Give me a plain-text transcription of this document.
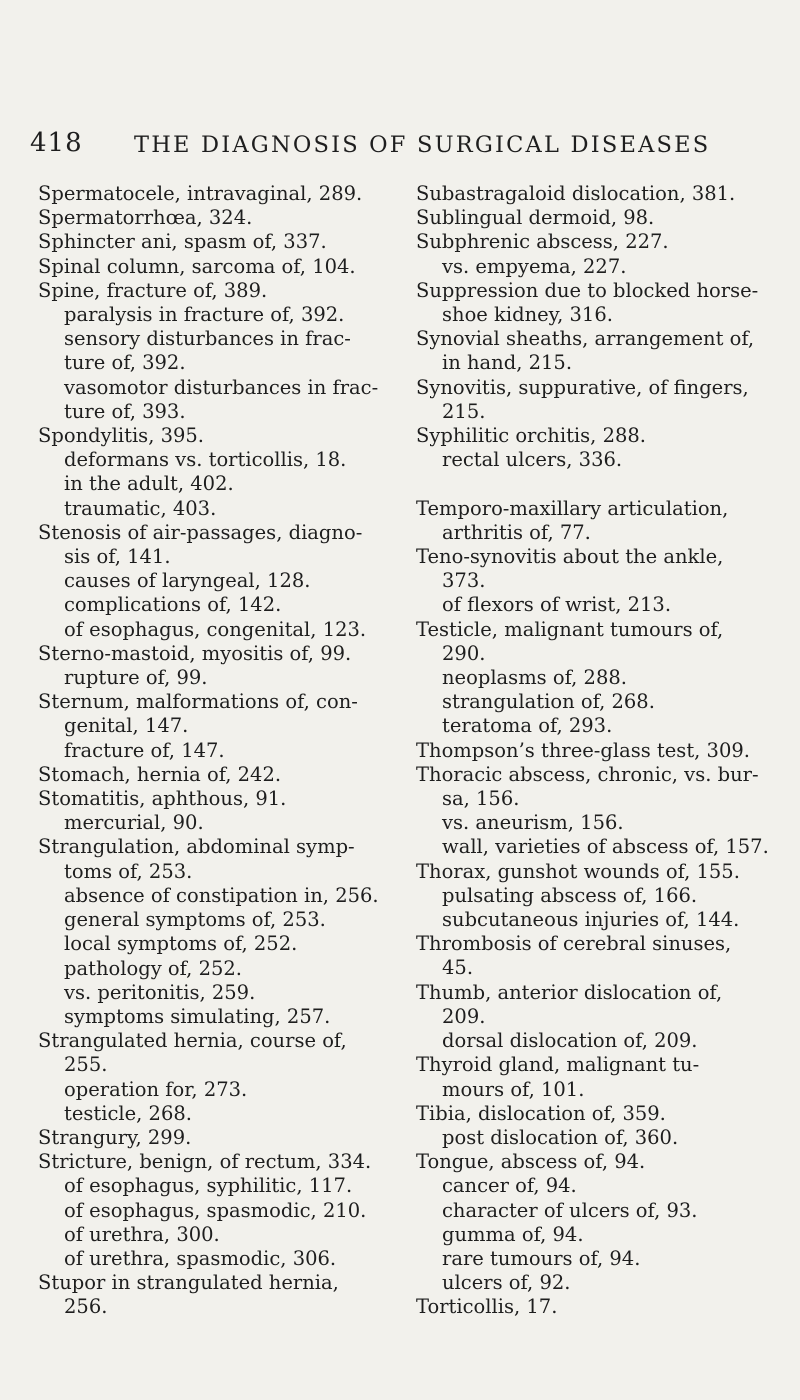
418 THE DIAGNOSIS OF SURGICAL DISEASES
Spermatocele, intravaginal, 289.
Spermatorrhœa, 324.
Sphincter ani, spasm of, 337.
Spinal column, sarcoma of, 104.
Spine, fracture of, 389.
paralysis in fracture of, 392.
sensory disturbances in frac-
ture of, 392.
vasomotor disturbances in frac-
ture of, 393.
Spondylitis, 395.
deformans vs. torticollis, 18.
in the adult, 402.
traumatic, 403.
Stenosis of air-passages, diagno-
sis of, 141.
causes of laryngeal, 128.
complications of, 142.
of esophagus, congenital, 123.
Sterno-mastoid, myositis of, 99.
rupture of, 99.
Sternum, malformations of, con-
genital, 147.
fracture of, 147.
Stomach, hernia of, 242.
Stomatitis, aphthous, 91.
mercurial, 90.
Strangulation, abdominal symp-
toms of, 253.
absence of constipation in, 256.
general symptoms of, 253.
local symptoms of, 252.
pathology of, 252.
vs. peritonitis, 259.
symptoms simulating, 257.
Strangulated hernia, course of,
255.
operation for, 273.
testicle, 268.
Strangury, 299.
Stricture, benign, of rectum, 334.
of esophagus, syphilitic, 117.
of esophagus, spasmodic, 210.
of urethra, 300.
of urethra, spasmodic, 306.
Stupor in strangulated hernia,
256.
Subastragaloid dislocation, 381.
Sublingual dermoid, 98.
Subphrenic abscess, 227.
vs. empyema, 227.
Suppression due to blocked horse-
shoe kidney, 316.
Synovial sheaths, arrangement of,
in hand, 215.
Synovitis, suppurative, of fingers,
215.
Syphilitic orchitis, 288.
rectal ulcers, 336.
Temporo-maxillary articulation,
arthritis of, 77.
Teno-synovitis about the ankle,
373.
of flexors of wrist, 213.
Testicle, malignant tumours of,
290.
neoplasms of, 288.
strangulation of, 268.
teratoma of, 293.
Thompson’s three-glass test, 309.
Thoracic abscess, chronic, vs. bur-
sa, 156.
vs. aneurism, 156.
wall, varieties of abscess of, 157.
Thorax, gunshot wounds of, 155.
pulsating abscess of, 166.
subcutaneous injuries of, 144.
Thrombosis of cerebral sinuses,
45.
Thumb, anterior dislocation of,
209.
dorsal dislocation of, 209.
Thyroid gland, malignant tu-
mours of, 101.
Tibia, dislocation of, 359.
post dislocation of, 360.
Tongue, abscess of, 94.
cancer of, 94.
character of ulcers of, 93.
gumma of, 94.
rare tumours of, 94.
ulcers of, 92.
Torticollis, 17.
